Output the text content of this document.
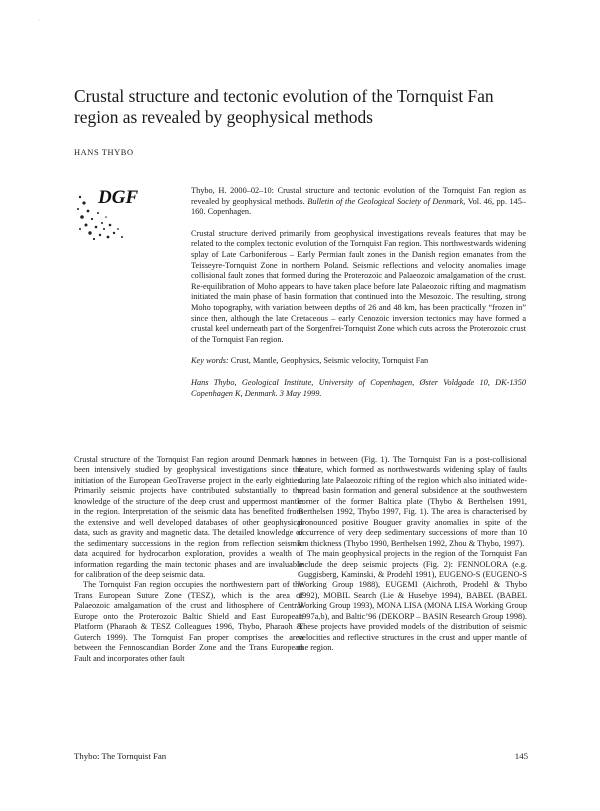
·
Crustal structure and tectonic evolution of the Tornquist Fan region as revealed by geophysical methods
HANS THYBO
DGF	Thybo, H. 2000–02–10: Crustal structure and tectonic evolution of the Tornquist Fan region as revealed by geophysical methods. Bulletin of the Geological Society of Denmark, Vol. 46, pp. 145–160. Copenhagen.

Crustal structure derived primarily from geophysical investigations reveals features that may be related to the complex tectonic evolution of the Tornquist Fan region. This northwestwards widening splay of Late Carboniferous – Early Permian fault zones in the Danish region emanates from the Teisseyre-Tornquist Zone in northern Poland. Seismic reflections and velocity anomalies image collisional fault zones that formed during the Proterozoic and Palaeozoic amalgamation of the crust. Re-equilibration of Moho appears to have taken place before late Palaeozoic rifting and magmatism initiated the main phase of basin formation that continued into the Mesozoic. The resulting, strong Moho topography, with variation between depths of 26 and 48 km, has been practically “frozen in” since then, although the late Cretaceous – early Cenozoic inversion tectonics may have formed a crustal keel underneath part of the Sorgenfrei-Tornquist Zone which cuts across the Proterozoic crust of the Tornquist Fan region.

Key words: Crust, Mantle, Geophysics, Seismic velocity, Tornquist Fan

Hans Thybo, Geological Institute, University of Copenhagen, Øster Voldgade 10, DK-1350 Copenhagen K, Denmark. 3 May 1999.

Crustal structure of the Tornquist Fan region around Denmark has been intensively studied by geophysical investigations since the initiation of the European GeoTraverse project in the early eighties. Primarily seismic projects have contributed substantially to the knowledge of the structure of the deep crust and uppermost mantle in the region. Interpretation of the seismic data has benefited from the extensive and well developed databases of other geophysical data, such as gravity and magnetic data. The detailed knowledge of the sedimentary successions in the region from reflection seismic data acquired for hydrocarbon exploration, provides a wealth of information regarding the main tectonic phases and are invaluable for calibration of the deep seismic data.

The Tornquist Fan region occupies the northwestern part of the Trans European Suture Zone (TESZ), which is the area of Palaeozoic amalgamation of the crust and lithosphere of Central Europe onto the Proterozoic Baltic Shield and East European Platform (Pharaoh & TESZ Colleagues 1996, Thybo, Pharaoh & Guterch 1999). The Tornquist Fan proper comprises the area between the Fennoscandian Border Zone and the Trans European Fault and incorporates other fault

zones in between (Fig. 1). The Tornquist Fan is a post-collisional feature, which formed as northwestwards widening splay of faults during late Palaeozoic rifting of the region which also initiated wide-spread basin formation and general subsidence at the southwestern corner of the former Baltica plate (Thybo & Berthelsen 1991, Berthelsen 1992, Thybo 1997, Fig. 1). The area is characterised by pronounced positive Bouguer gravity anomalies in spite of the occurrence of very deep sedimentary successions of more than 10 km thickness (Thybo 1990, Berthelsen 1992, Zhou & Thybo, 1997).

The main geophysical projects in the region of the Tornquist Fan include the deep seismic projects (Fig. 2): FENNOLORA (e.g. Guggisberg, Kaminski, & Prodehl 1991), EUGENO-S (EUGENO-S Working Group 1988), EUGEMI (Aichroth, Prodehl & Thybo 1992), MOBIL Search (Lie & Husebye 1994), BABEL (BABEL Working Group 1993), MONA LISA (MONA LISA Working Group 1997a,b), and Baltic’96 (DEKORP – BASIN Research Group 1998). These projects have provided models of the distribution of seismic velocities and reflective structures in the crust and upper mantle of the region.

Thybo: The Tornquist Fan	145
